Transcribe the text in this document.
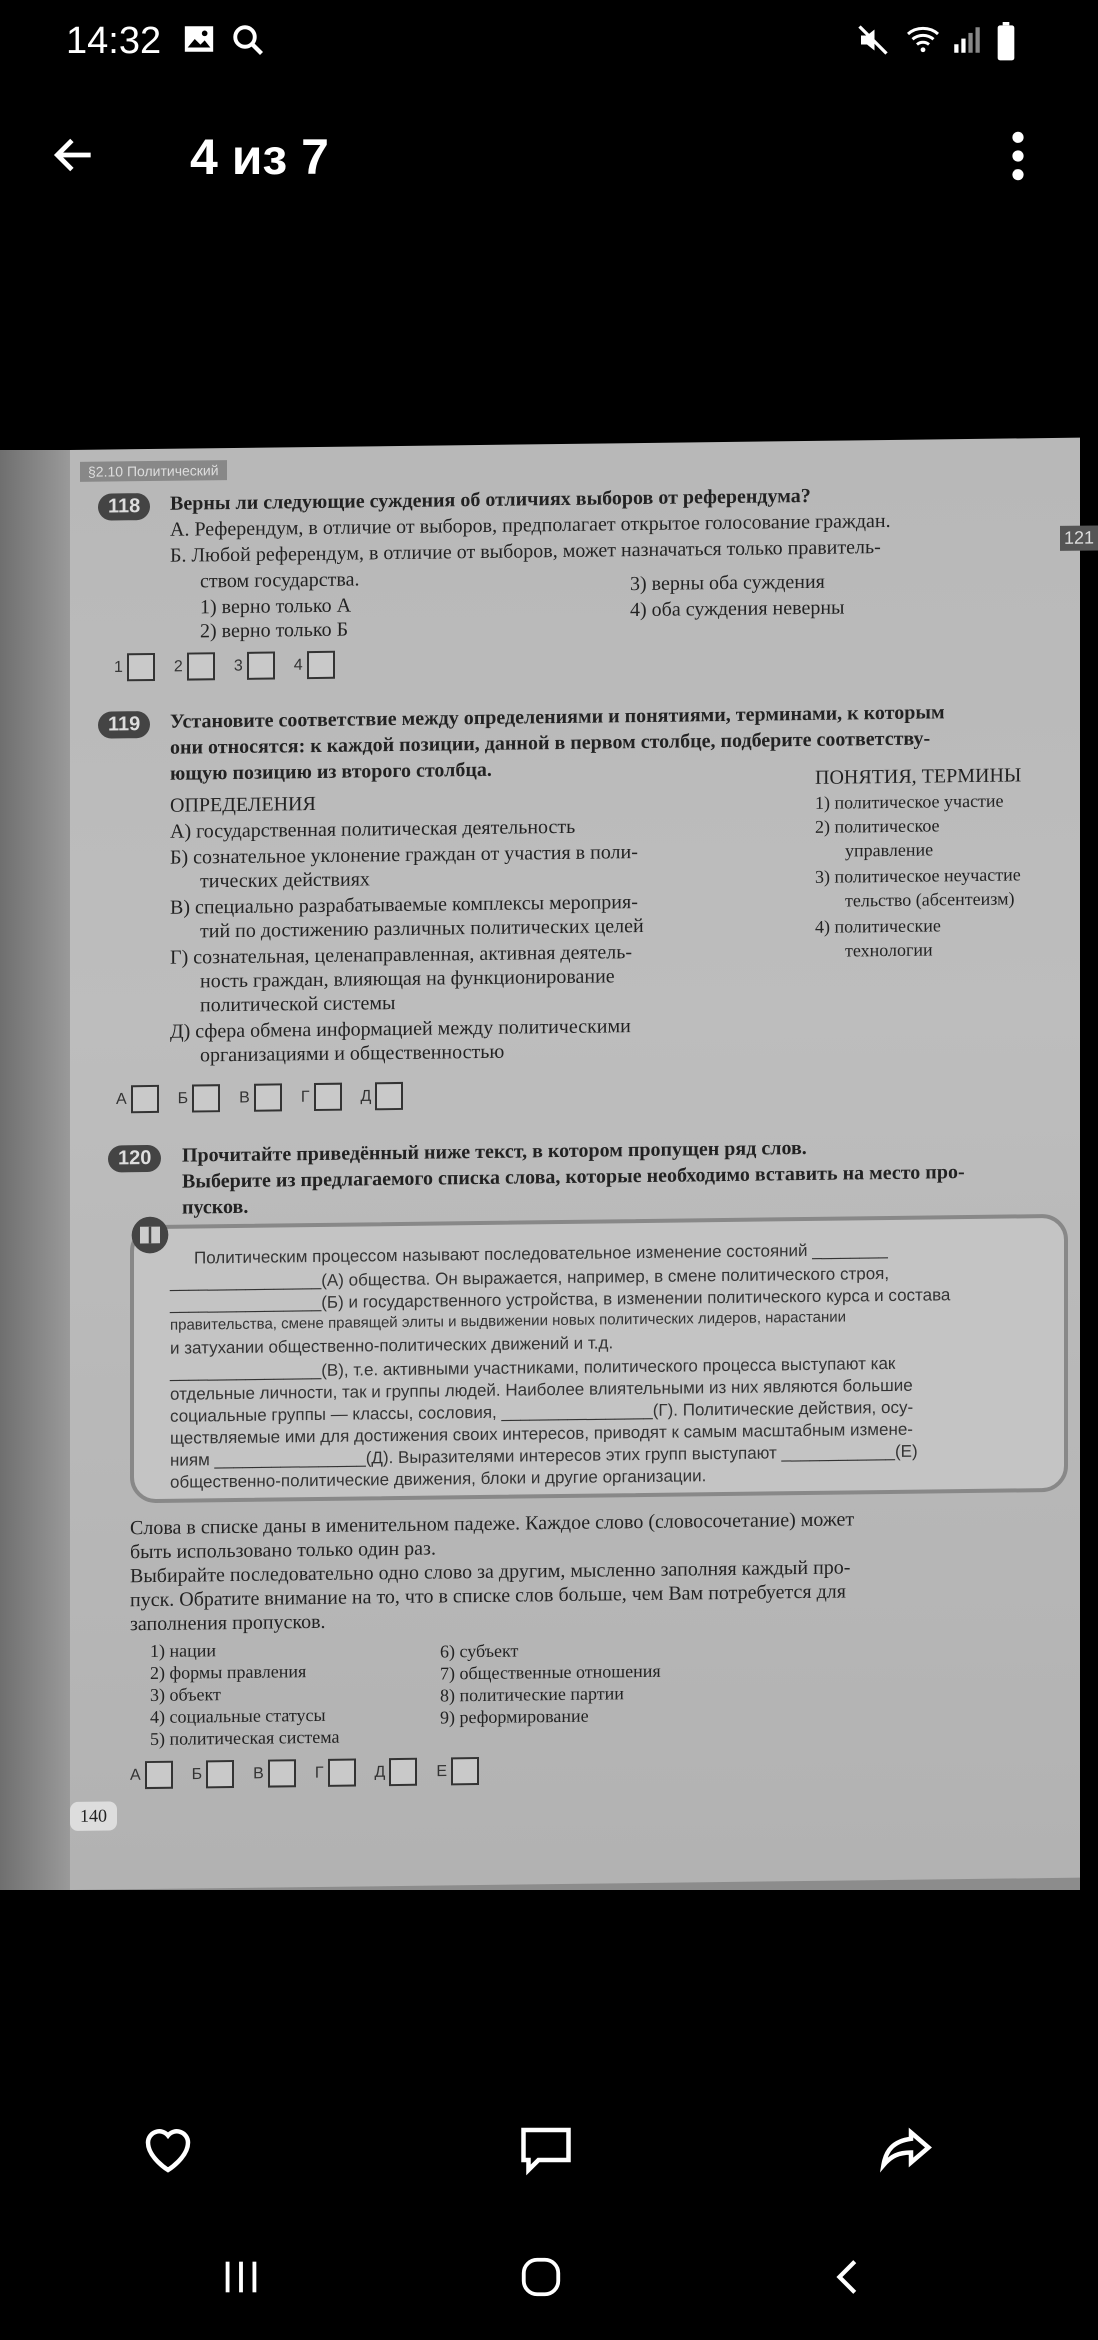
14:32
4 из 7
§2.10 Политический
121
118	Верны ли следующие суждения об отличиях выборов от референдума?
А. Референдум, в отличие от выборов, предполагает открытое голосование граждан.
Б. Любой референдум, в отличие от выборов, может назначаться только правитель-
ством государства.
1) верно только А
2) верно только Б
3) верны оба суждения
4) оба суждения неверны
1	2	3	4
119	Установите соответствие между определениями и понятиями, терминами, к которым
они относятся: к каждой позиции, данной в первом столбце, подберите соответству-
ющую позицию из второго столбца.
ОПРЕДЕЛЕНИЯ
ПОНЯТИЯ, ТЕРМИНЫ
А) государственная политическая деятельность
Б) сознательное уклонение граждан от участия в поли-
тических действиях
В) специально разрабатываемые комплексы мероприя-
тий по достижению различных политических целей
Г) сознательная, целенаправленная, активная деятель-
ность граждан, влияющая на функционирование
политической системы
Д) сфера обмена информацией между политическими
организациями и общественностью
1) политическое участие
2) политическое
управление
3) политическое неучастие
тельство (абсентеизм)
4) политические
технологии
А	Б	В	Г	Д
120	Прочитайте приведённый ниже текст, в котором пропущен ряд слов.
Выберите из предлагаемого списка слова, которые необходимо вставить на место про-
пусков.
Политическим процессом называют последовательное изменение состояний ________
________________(А) общества. Он выражается, например, в смене политического строя,
________________(Б) и государственного устройства, в изменении политического курса и состава
правительства, смене правящей элиты и выдвижении новых политических лидеров, нарастании
и затухании общественно-политических движений и т.д.
________________(В), т.е. активными участниками, политического процесса выступают как
отдельные личности, так и группы людей. Наиболее влиятельными из них являются большие
социальные группы — классы, сословия, ________________(Г). Политические действия, осу-
ществляемые ими для достижения своих интересов, приводят к самым масштабным измене-
ниям ________________(Д). Выразителями интересов этих групп выступают ____________(Е)
общественно-политические движения, блоки и другие организации.
Слова в списке даны в именительном падеже. Каждое слово (словосочетание) может
быть использовано только один раз.
Выбирайте последовательно одно слово за другим, мысленно заполняя каждый про-
пуск. Обратите внимание на то, что в списке слов больше, чем Вам потребуется для
заполнения пропусков.
1) нации
2) формы правления
3) объект
4) социальные статусы
5) политическая система
6) субъект
7) общественные отношения
8) политические партии
9) реформирование
А	Б	В	Г	Д	Е
140
